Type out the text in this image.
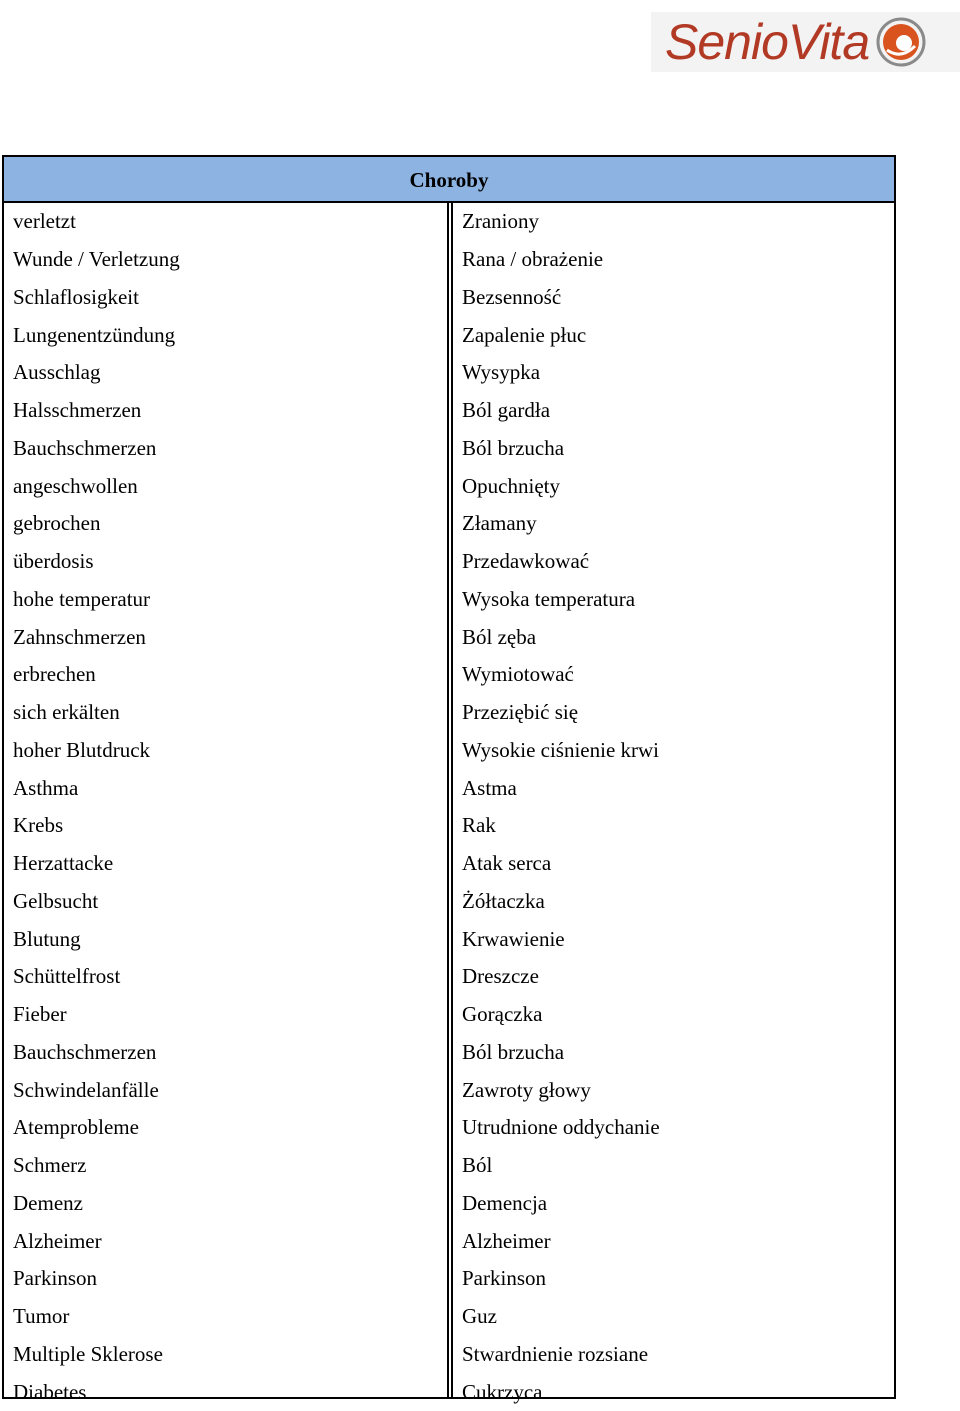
SenioVita
Choroby
verletzt
Wunde / Verletzung
Schlaflosigkeit
Lungenentzündung
Ausschlag
Halsschmerzen
Bauchschmerzen
angeschwollen
gebrochen
überdosis
hohe temperatur
Zahnschmerzen
erbrechen
sich erkälten
hoher Blutdruck
Asthma
Krebs
Herzattacke
Gelbsucht
Blutung
Schüttelfrost
Fieber
Bauchschmerzen
Schwindelanfälle
Atemprobleme
Schmerz
Demenz
Alzheimer
Parkinson
Tumor
Multiple Sklerose
Diabetes
Zraniony
Rana / obrażenie
Bezsenność
Zapalenie płuc
Wysypka
Ból gardła
Ból brzucha
Opuchnięty
Złamany
Przedawkować
Wysoka temperatura
Ból zęba
Wymiotować
Przeziębić się
Wysokie ciśnienie krwi
Astma
Rak
Atak serca
Żółtaczka
Krwawienie
Dreszcze
Gorączka
Ból brzucha
Zawroty głowy
Utrudnione oddychanie
Ból
Demencja
Alzheimer
Parkinson
Guz
Stwardnienie rozsiane
Cukrzyca
